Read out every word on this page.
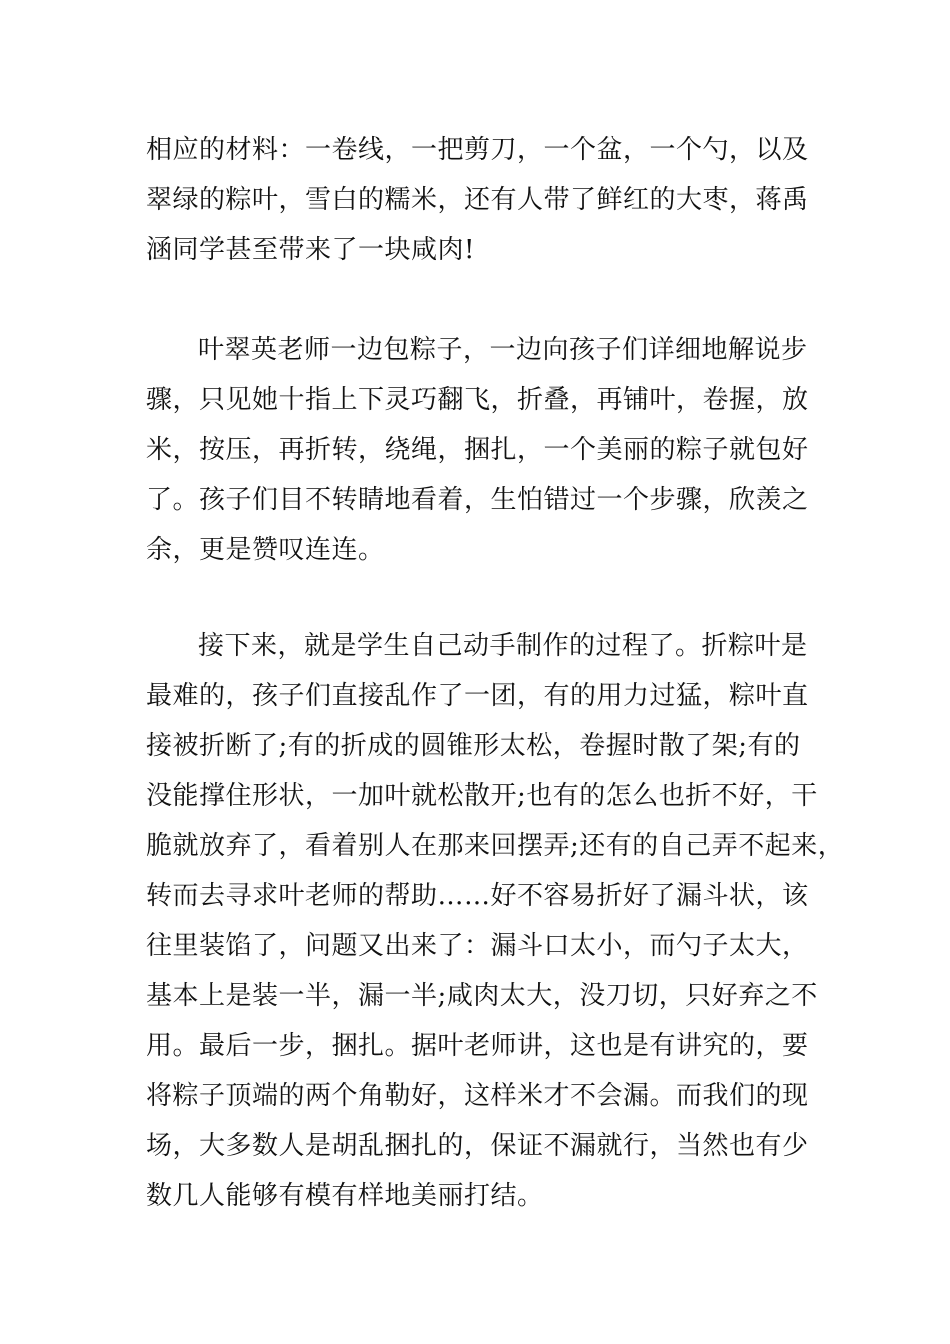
相应的材料：一卷线，一把剪刀，一个盆，一个勺，以及
翠绿的粽叶，雪白的糯米，还有人带了鲜红的大枣，蒋禹
涵同学甚至带来了一块咸肉!
叶翠英老师一边包粽子，一边向孩子们详细地解说步
骤，只见她十指上下灵巧翻飞，折叠，再铺叶，卷握，放
米，按压，再折转，绕绳，捆扎，一个美丽的粽子就包好
了。孩子们目不转睛地看着，生怕错过一个步骤，欣羡之
余，更是赞叹连连。
接下来，就是学生自己动手制作的过程了。折粽叶是
最难的，孩子们直接乱作了一团，有的用力过猛，粽叶直
接被折断了;有的折成的圆锥形太松，卷握时散了架;有的
没能撑住形状，一加叶就松散开;也有的怎么也折不好，干
脆就放弃了，看着别人在那来回摆弄;还有的自己弄不起来，
转而去寻求叶老师的帮助……好不容易折好了漏斗状，该
往里装馅了，问题又出来了：漏斗口太小，而勺子太大，
基本上是装一半，漏一半;咸肉太大，没刀切，只好弃之不
用。最后一步，捆扎。据叶老师讲，这也是有讲究的，要
将粽子顶端的两个角勒好，这样米才不会漏。而我们的现
场，大多数人是胡乱捆扎的，保证不漏就行，当然也有少
数几人能够有模有样地美丽打结。
